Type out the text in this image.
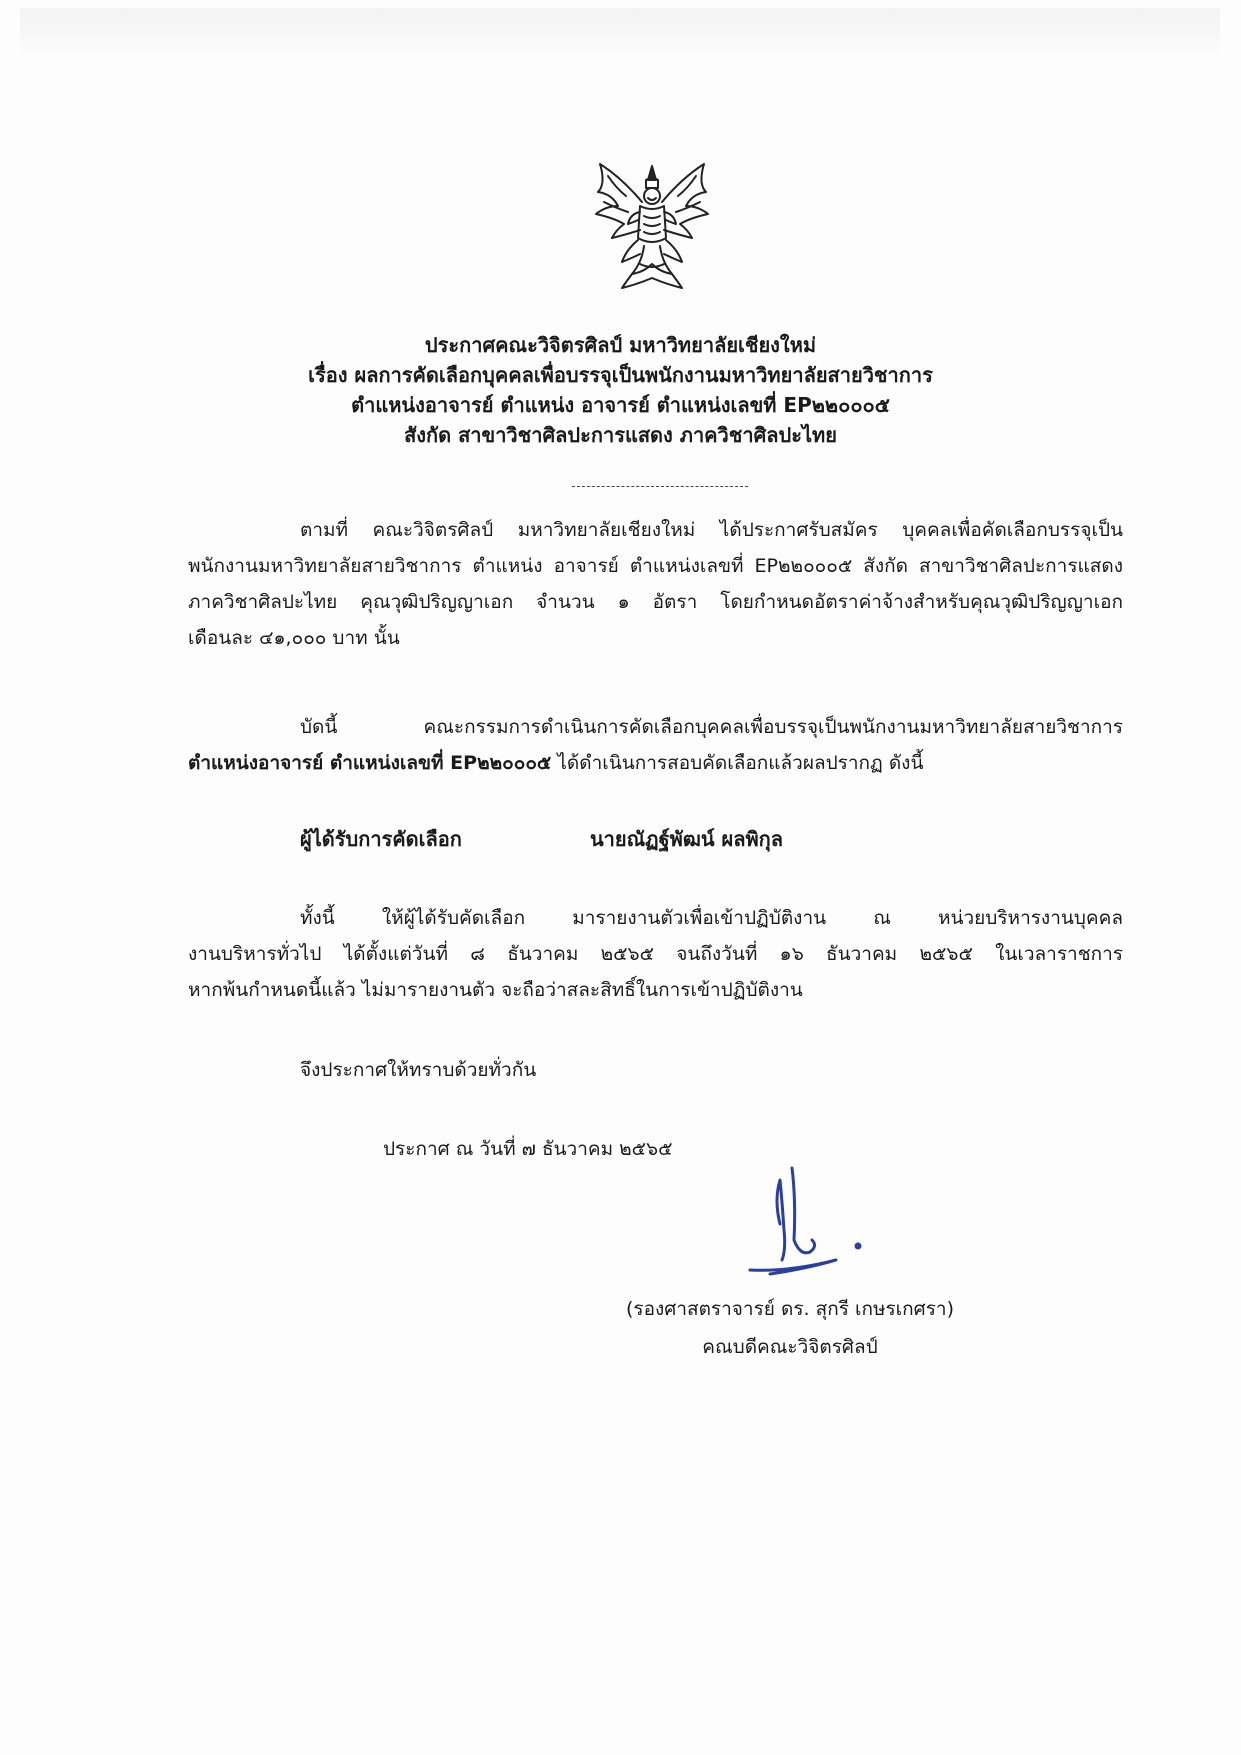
ประกาศคณะวิจิตรศิลป์ มหาวิทยาลัยเชียงใหม่
เรื่อง ผลการคัดเลือกบุคคลเพื่อบรรจุเป็นพนักงานมหาวิทยาลัยสายวิชาการ
ตำแหน่งอาจารย์ ตำแหน่ง อาจารย์ ตำแหน่งเลขที่ EP๒๒๐๐๐๕
สังกัด สาขาวิชาศิลปะการแสดง ภาควิชาศิลปะไทย
ตามที่ คณะวิจิตรศิลป์ มหาวิทยาลัยเชียงใหม่ ได้ประกาศรับสมัคร บุคคลเพื่อคัดเลือกบรรจุเป็น
พนักงานมหาวิทยาลัยสายวิชาการ ตำแหน่ง อาจารย์ ตำแหน่งเลขที่ EP๒๒๐๐๐๕ สังกัด สาขาวิชาศิลปะการแสดง
ภาควิชาศิลปะไทย คุณวุฒิปริญญาเอก จำนวน ๑ อัตรา โดยกำหนดอัตราค่าจ้างสำหรับคุณวุฒิปริญญาเอก
เดือนละ ๔๑,๐๐๐ บาท นั้น
บัดนี้ คณะกรรมการดำเนินการคัดเลือกบุคคลเพื่อบรรจุเป็นพนักงานมหาวิทยาลัยสายวิชาการ
ตำแหน่งอาจารย์ ตำแหน่งเลขที่ EP๒๒๐๐๐๕ ได้ดำเนินการสอบคัดเลือกแล้วผลปรากฏ ดังนี้
ผู้ได้รับการคัดเลือก	นายณัฏฐ์พัฒน์ ผลพิกุล
ทั้งนี้ ให้ผู้ได้รับคัดเลือก มารายงานตัวเพื่อเข้าปฏิบัติงาน ณ หน่วยบริหารงานบุคคล
งานบริหารทั่วไป ได้ตั้งแต่วันที่ ๘ ธันวาคม ๒๕๖๕ จนถึงวันที่ ๑๖ ธันวาคม ๒๕๖๕ ในเวลาราชการ
หากพ้นกำหนดนี้แล้ว ไม่มารายงานตัว จะถือว่าสละสิทธิ์ในการเข้าปฏิบัติงาน
จึงประกาศให้ทราบด้วยทั่วกัน
ประกาศ ณ วันที่ ๗ ธันวาคม ๒๕๖๕
(รองศาสตราจารย์ ดร. สุกรี เกษรเกศรา)
คณบดีคณะวิจิตรศิลป์
